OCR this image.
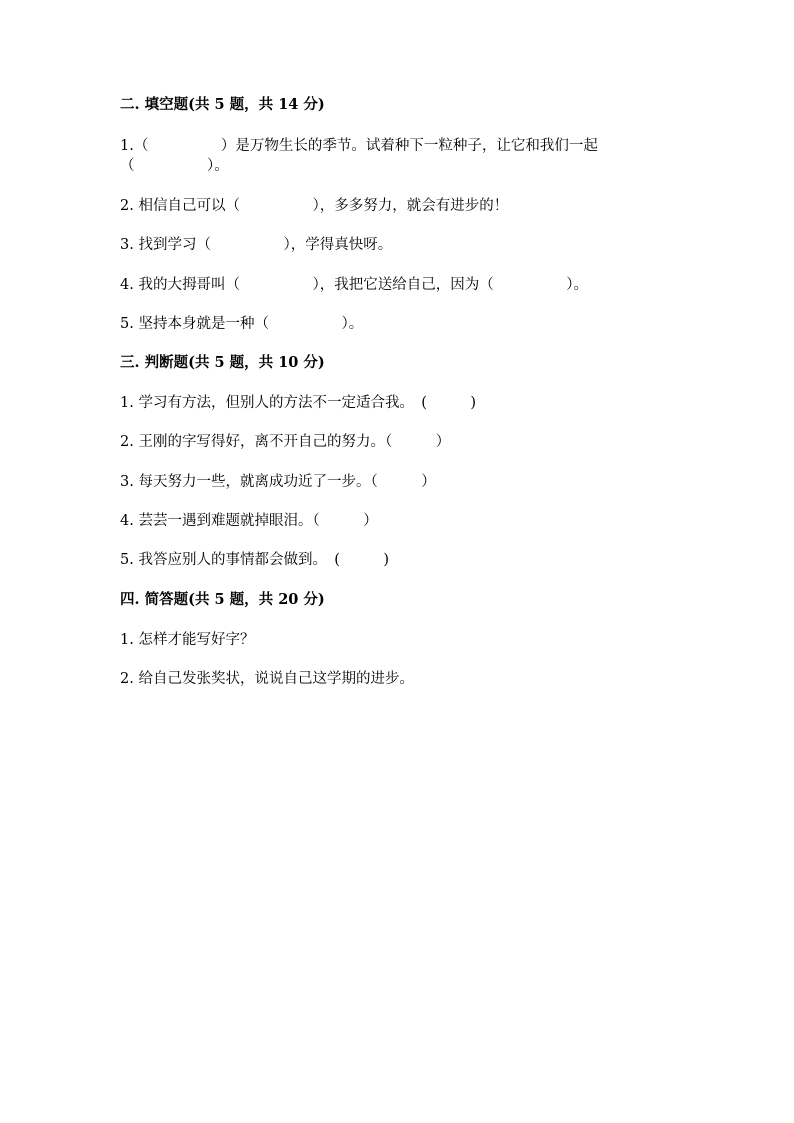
二. 填空题(共 5 题，共 14 分)
1.（　　　　　）是万物生长的季节。试着种下一粒种子，让它和我们一起
（　　　　　）。
2. 相信自己可以（　　　　　），多多努力，就会有进步的！
3. 找到学习（　　　　　），学得真快呀。
4. 我的大拇哥叫（　　　　　），我把它送给自己，因为（　　　　　）。
5. 坚持本身就是一种（　　　　　）。
三. 判断题(共 5 题，共 10 分)
1. 学习有方法，但别人的方法不一定适合我。　(　　　)
2. 王刚的字写得好，离不开自己的努力。（　　　）
3. 每天努力一些，就离成功近了一步。（　　　）
4. 芸芸一遇到难题就掉眼泪。（　　　）
5. 我答应别人的事情都会做到。　(　　　)
四. 简答题(共 5 题，共 20 分)
1. 怎样才能写好字？
2. 给自己发张奖状，说说自己这学期的进步。
